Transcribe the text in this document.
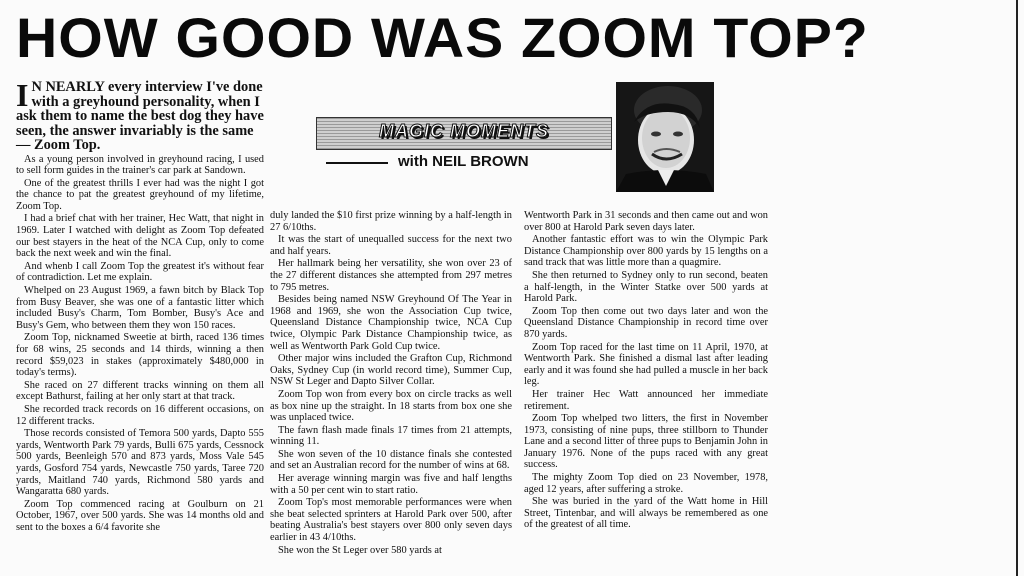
HOW GOOD WAS ZOOM TOP?

I N NEARLY every interview I've done with a greyhound personality, when I ask them to name the best dog they have seen, the answer invariably is the same — Zoom Top.

As a young person involved in greyhound racing, I used to sell form guides in the trainer's car park at Sandown.

One of the greatest thrills I ever had was the night I got the chance to pat the greatest greyhound of my lifetime, Zoom Top.

I had a brief chat with her trainer, Hec Watt, that night in 1969. Later I watched with delight as Zoom Top defeated our best stayers in the heat of the NCA Cup, only to come back the next week and win the final.

And whenb I call Zoom Top the greatest it's without fear of contradiction. Let me explain.

Whelped on 23 August 1969, a fawn bitch by Black Top from Busy Beaver, she was one of a fantastic litter which included Busy's Charm, Tom Bomber, Busy's Ace and Busy's Gem, who between them they won 150 races.

Zoom Top, nicknamed Sweetie at birth, raced 136 times for 68 wins, 25 seconds and 14 thirds, winning a then record $59,023 in stakes (approximately $480,000 in today's terms).

She raced on 27 different tracks winning on them all except Bathurst, failing at her only start at that track.

She recorded track records on 16 different occasions, on 12 different tracks.

Those records consisted of Temora 500 yards, Dapto 555 yards, Wentworth Park 79 yards, Bulli 675 yards, Cessnock 500 yards, Beenleigh 570 and 873 yards, Moss Vale 545 yards, Gosford 754 yards, Newcastle 750 yards, Taree 720 yards, Maitland 740 yards, Richmond 580 yards and Wangaratta 680 yards.

Zoom Top commenced racing at Goulburn on 21 October, 1967, over 500 yards. She was 14 months old and sent to the boxes a 6/4 favorite she

MAGIC MOMENTS
with NEIL BROWN

duly landed the $10 first prize winning by a half-length in 27 6/10ths.

It was the start of unequalled success for the next two and half years.

Her hallmark being her versatility, she won over 23 of the 27 different distances she attempted from 297 metres to 795 metres.

Besides being named NSW Greyhound Of The Year in 1968 and 1969, she won the Association Cup twice, Queensland Distance Championship twice, NCA Cup twice, Olympic Park Distance Championship twice, as well as Wentworth Park Gold Cup twice.

Other major wins included the Grafton Cup, Richmond Oaks, Sydney Cup (in world record time), Summer Cup, NSW St Leger and Dapto Silver Collar.

Zoom Top won from every box on circle tracks as well as box nine up the straight. In 18 starts from box one she was unplaced twice.

The fawn flash made finals 17 times from 21 attempts, winning 11.

She won seven of the 10 distance finals she contested and set an Australian record for the number of wins at 68.

Her average winning margin was five and half lengths with a 50 per cent win to start ratio.

Zoom Top's most memorable performances were when she beat selected sprinters at Harold Park over 500, after beating Australia's best stayers over 800 only seven days earlier in 43 4/10ths.

She won the St Leger over 580 yards at

Wentworth Park in 31 seconds and then came out and won over 800 at Harold Park seven days later.

Another fantastic effort was to win the Olympic Park Distance Championship over 800 yards by 15 lengths on a sand track that was little more than a quagmire.

She then returned to Sydney only to run second, beaten a half-length, in the Winter Statke over 500 yards at Harold Park.

Zoom Top then come out two days later and won the Queensland Distance Championship in record time over 870 yards.

Zoom Top raced for the last time on 11 April, 1970, at Wentworth Park. She finished a dismal last after leading early and it was found she had pulled a muscle in her back leg.

Her trainer Hec Watt announced her immediate retirement.

Zoom Top whelped two litters, the first in November 1973, consisting of nine pups, three stillborn to Thunder Lane and a second litter of three pups to Benjamin John in January 1976. None of the pups raced with any great success.

The mighty Zoom Top died on 23 November, 1978, aged 12 years, after suffering a stroke.

She was buried in the yard of the Watt home in Hill Street, Tintenbar, and will always be remembered as one of the greatest of all time.
